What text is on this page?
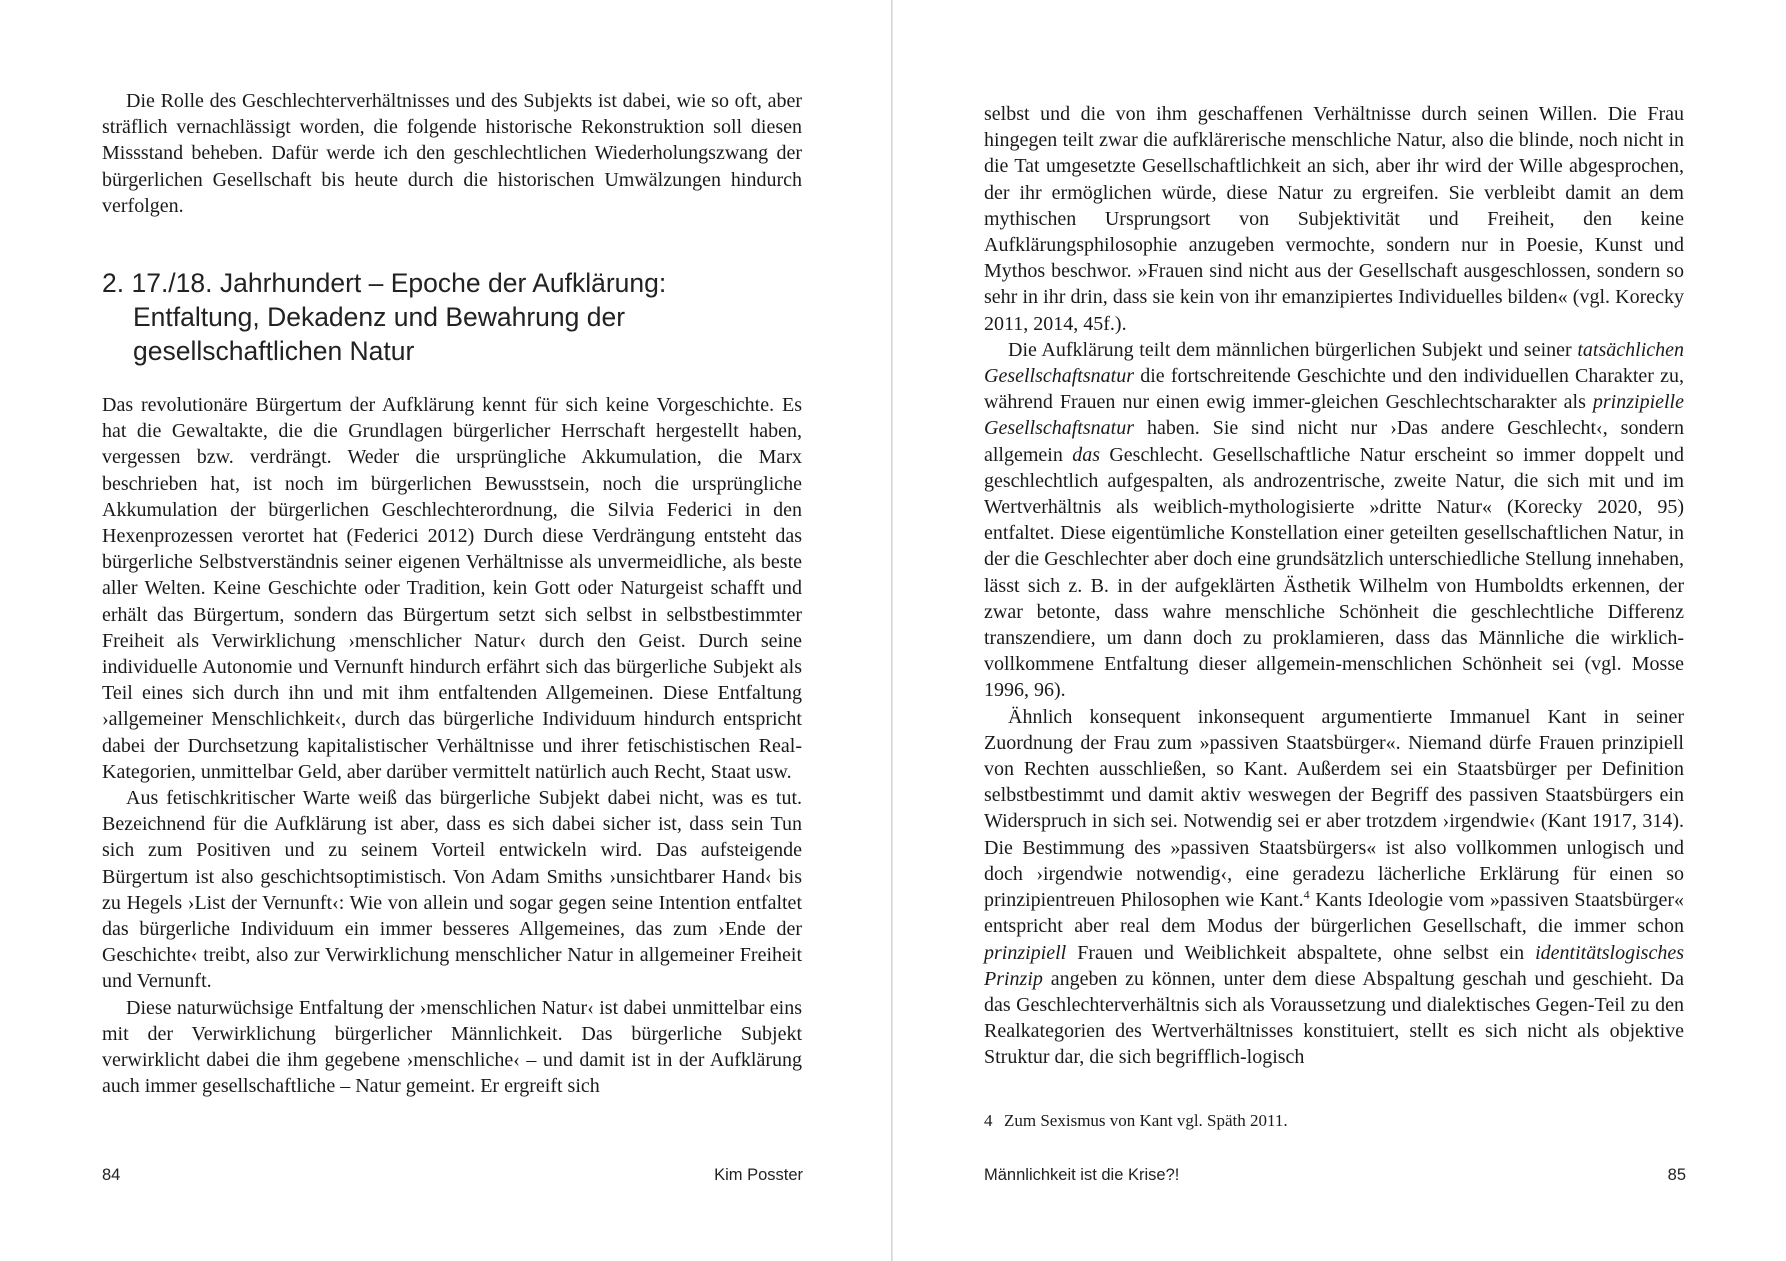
Die Rolle des Geschlechterverhältnisses und des Subjekts ist dabei, wie so oft, aber sträflich vernachlässigt worden, die folgende historische Rekonstruktion soll diesen Missstand beheben. Dafür werde ich den geschlechtlichen Wiederholungszwang der bürgerlichen Gesellschaft bis heute durch die historischen Umwälzungen hindurch verfolgen.

2. 17./18. Jahrhundert – Epoche der Aufklärung:
Entfaltung, Dekadenz und Bewahrung der
gesellschaftlichen Natur

Das revolutionäre Bürgertum der Aufklärung kennt für sich keine Vorgeschichte. Es hat die Gewaltakte, die die Grundlagen bürgerlicher Herrschaft hergestellt haben, vergessen bzw. verdrängt. Weder die ursprüngliche Akkumulation, die Marx beschrieben hat, ist noch im bürgerlichen Bewusstsein, noch die ursprüngliche Akkumulation der bürgerlichen Geschlechterordnung, die Silvia Federici in den Hexenprozessen verortet hat (Federici 2012) Durch diese Verdrängung entsteht das bürgerliche Selbstverständnis seiner eigenen Verhältnisse als unvermeidliche, als beste aller Welten. Keine Geschichte oder Tradition, kein Gott oder Naturgeist schafft und erhält das Bürgertum, sondern das Bürgertum setzt sich selbst in selbstbestimmter Freiheit als Verwirklichung ›menschlicher Natur‹ durch den Geist. Durch seine individuelle Autonomie und Vernunft hindurch erfährt sich das bürgerliche Subjekt als Teil eines sich durch ihn und mit ihm entfaltenden Allgemeinen. Diese Entfaltung ›allgemeiner Menschlichkeit‹, durch das bürgerliche Individuum hindurch entspricht dabei der Durchsetzung kapitalistischer Verhältnisse und ihrer fetischistischen Real-Kategorien, unmittelbar Geld, aber darüber vermittelt natürlich auch Recht, Staat usw.

Aus fetischkritischer Warte weiß das bürgerliche Subjekt dabei nicht, was es tut. Bezeichnend für die Aufklärung ist aber, dass es sich dabei sicher ist, dass sein Tun sich zum Positiven und zu seinem Vorteil entwickeln wird. Das aufsteigende Bürgertum ist also geschichtsoptimistisch. Von Adam Smiths ›unsichtbarer Hand‹ bis zu Hegels ›List der Vernunft‹: Wie von allein und sogar gegen seine Intention entfaltet das bürgerliche Individuum ein immer besseres Allgemeines, das zum ›Ende der Geschichte‹ treibt, also zur Verwirklichung menschlicher Natur in allgemeiner Freiheit und Vernunft.

Diese naturwüchsige Entfaltung der ›menschlichen Natur‹ ist dabei unmittelbar eins mit der Verwirklichung bürgerlicher Männlichkeit. Das bürgerliche Subjekt verwirklicht dabei die ihm gegebene ›menschliche‹ – und damit ist in der Aufklärung auch immer gesellschaftliche – Natur gemeint. Er ergreift sich

84	Kim Posster

selbst und die von ihm geschaffenen Verhältnisse durch seinen Willen. Die Frau hingegen teilt zwar die aufklärerische menschliche Natur, also die blinde, noch nicht in die Tat umgesetzte Gesellschaftlichkeit an sich, aber ihr wird der Wille abgesprochen, der ihr ermöglichen würde, diese Natur zu ergreifen. Sie verbleibt damit an dem mythischen Ursprungsort von Subjektivität und Freiheit, den keine Aufklärungsphilosophie anzugeben vermochte, sondern nur in Poesie, Kunst und Mythos beschwor. »Frauen sind nicht aus der Gesellschaft ausgeschlossen, sondern so sehr in ihr drin, dass sie kein von ihr emanzipiertes Individuelles bilden« (vgl. Korecky 2011, 2014, 45f.).

Die Aufklärung teilt dem männlichen bürgerlichen Subjekt und seiner tatsächlichen Gesellschaftsnatur die fortschreitende Geschichte und den individuellen Charakter zu, während Frauen nur einen ewig immer-gleichen Geschlechtscharakter als prinzipielle Gesellschaftsnatur haben. Sie sind nicht nur ›Das andere Geschlecht‹, sondern allgemein das Geschlecht. Gesellschaftliche Natur erscheint so immer doppelt und geschlechtlich aufgespalten, als androzentrische, zweite Natur, die sich mit und im Wertverhältnis als weiblich-mythologisierte »dritte Natur« (Korecky 2020, 95) entfaltet. Diese eigentümliche Konstellation einer geteilten gesellschaftlichen Natur, in der die Geschlechter aber doch eine grundsätzlich unterschiedliche Stellung innehaben, lässt sich z. B. in der aufgeklärten Ästhetik Wilhelm von Humboldts erkennen, der zwar betonte, dass wahre menschliche Schönheit die geschlechtliche Differenz transzendiere, um dann doch zu proklamieren, dass das Männliche die wirklich-vollkommene Entfaltung dieser allgemein-menschlichen Schönheit sei (vgl. Mosse 1996, 96).

Ähnlich konsequent inkonsequent argumentierte Immanuel Kant in seiner Zuordnung der Frau zum »passiven Staatsbürger«. Niemand dürfe Frauen prinzipiell von Rechten ausschließen, so Kant. Außerdem sei ein Staatsbürger per Definition selbstbestimmt und damit aktiv weswegen der Begriff des passiven Staatsbürgers ein Widerspruch in sich sei. Notwendig sei er aber trotzdem ›irgendwie‹ (Kant 1917, 314). Die Bestimmung des »passiven Staatsbürgers« ist also vollkommen unlogisch und doch ›irgendwie notwendig‹, eine geradezu lächerliche Erklärung für einen so prinzipientreuen Philosophen wie Kant.$^4$ Kants Ideologie vom »passiven Staatsbürger« entspricht aber real dem Modus der bürgerlichen Gesellschaft, die immer schon prinzipiell Frauen und Weiblichkeit abspaltete, ohne selbst ein identitätslogisches Prinzip angeben zu können, unter dem diese Abspaltung geschah und geschieht. Da das Geschlechterverhältnis sich als Voraussetzung und dialektisches Gegen-Teil zu den Realkategorien des Wertverhältnisses konstituiert, stellt es sich nicht als objektive Struktur dar, die sich begrifflich-logisch

4 Zum Sexismus von Kant vgl. Späth 2011.

Männlichkeit ist die Krise?!	85
